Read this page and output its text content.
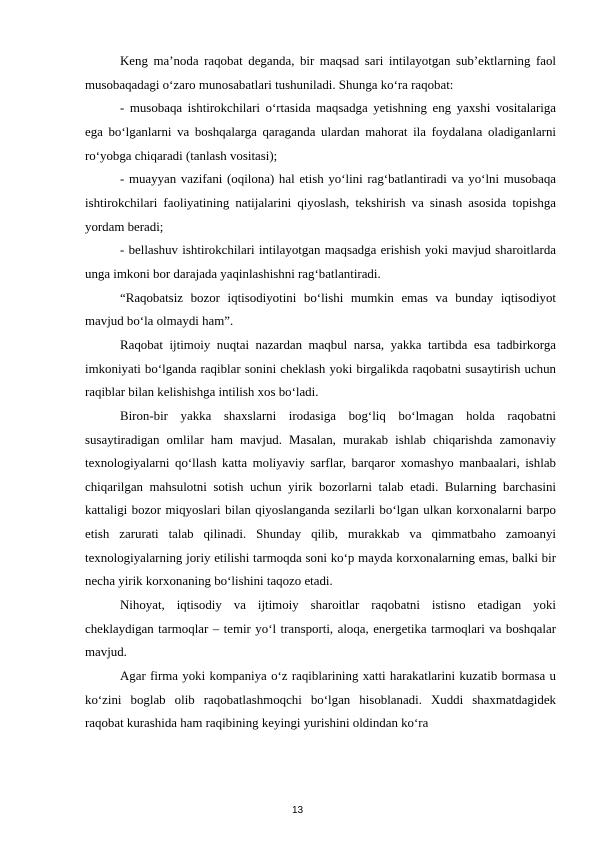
Keng ma’noda raqobat deganda, bir maqsad sari intilayotgan sub’ektlarning faol musobaqadagi o‘zaro munosabatlari tushuniladi. Shunga ko‘ra raqobat:

- musobaqa ishtirokchilari o‘rtasida maqsadga yetishning eng yaxshi vositalariga ega bo‘lganlarni va boshqalarga qaraganda ulardan mahorat ila foydalana oladiganlarni ro‘yobga chiqaradi (tanlash vositasi);

- muayyan vazifani (oqilona) hal etish yo‘lini rag‘batlantiradi va yo‘lni musobaqa ishtirokchilari faoliyatining natijalarini qiyoslash, tekshirish va sinash asosida topishga yordam beradi;

- bellashuv ishtirokchilari intilayotgan maqsadga erishish yoki mavjud sharoitlarda unga imkoni bor darajada yaqinlashishni rag‘batlantiradi.

“Raqobatsiz bozor iqtisodiyotini bo‘lishi mumkin emas va bunday iqtisodiyot mavjud bo‘la olmaydi ham”.

Raqobat ijtimoiy nuqtai nazardan maqbul narsa, yakka tartibda esa tadbirkorga imkoniyati bo‘lganda raqiblar sonini cheklash yoki birgalikda raqobatni susaytirish uchun raqiblar bilan kelishishga intilish xos bo‘ladi.

Biron-bir yakka shaxslarni irodasiga bog‘liq bo‘lmagan holda raqobatni susaytiradigan omlilar ham mavjud. Masalan, murakab ishlab chiqarishda zamonaviy texnologiyalarni qo‘llash katta moliyaviy sarflar, barqaror xomashyo manbaalari, ishlab chiqarilgan mahsulotni sotish uchun yirik bozorlarni talab etadi. Bularning barchasini kattaligi bozor miqyoslari bilan qiyoslanganda sezilarli bo‘lgan ulkan korxonalarni barpo etish zarurati talab qilinadi. Shunday qilib, murakkab va qimmatbaho zamoanyi texnologiyalarning joriy etilishi tarmoqda soni ko‘p mayda korxonalarning emas, balki bir necha yirik korxonaning bo‘lishini taqozo etadi.

Nihoyat, iqtisodiy va ijtimoiy sharoitlar raqobatni istisno etadigan yoki cheklaydigan tarmoqlar – temir yo‘l transporti, aloqa, energetika tarmoqlari va boshqalar mavjud.

Agar firma yoki kompaniya o‘z raqiblarining xatti harakatlarini kuzatib bormasa u ko‘zini boglab olib raqobatlashmoqchi bo‘lgan hisoblanadi. Xuddi shaxmatdagidek raqobat kurashida ham raqibining keyingi yurishini oldindan ko‘ra

13
